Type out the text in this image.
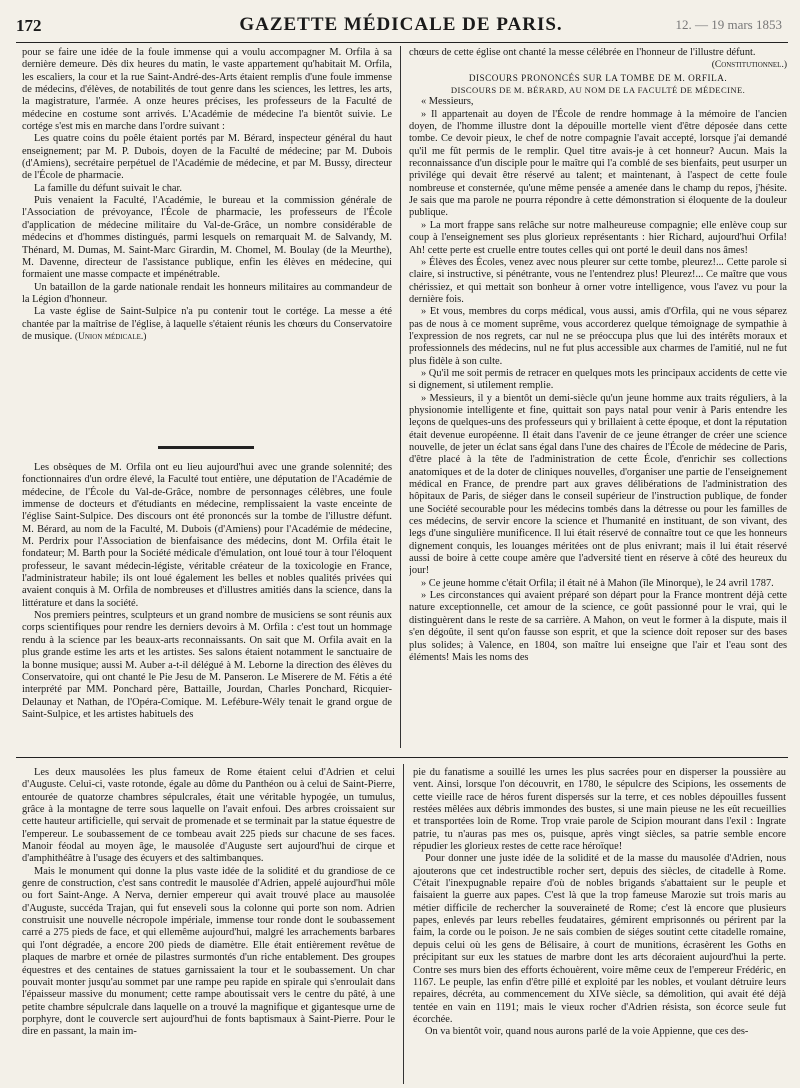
172	GAZETTE MÉDICALE DE PARIS.	12. — 19 mars 1853

pour se faire une idée de la foule immense qui a voulu accompagner M. Orfila à sa dernière demeure. Dès dix heures du matin, le vaste appartement qu'habitait M. Orfila, les escaliers, la cour et la rue Saint-André-des-Arts étaient remplis d'une foule immense de médecins, d'élèves, de notabilités de tout genre dans les sciences, les lettres, les arts, la magistrature, l'armée. A onze heures précises, les professeurs de la Faculté de médecine en costume sont arrivés. L'Académie de médecine l'a bientôt suivie. Le cortége s'est mis en marche dans l'ordre suivant :

Les quatre coins du poêle étaient portés par M. Bérard, inspecteur général du haut enseignement; par M. P. Dubois, doyen de la Faculté de médecine; par M. Dubois (d'Amiens), secrétaire perpétuel de l'Académie de médecine, et par M. Bussy, directeur de l'École de pharmacie.

La famille du défunt suivait le char.

Puis venaient la Faculté, l'Académie, le bureau et la commission générale de l'Association de prévoyance, l'École de pharmacie, les professeurs de l'École d'application de médecine militaire du Val-de-Grâce, un nombre considérable de médecins et d'hommes distingués, parmi lesquels on remarquait M. de Salvandy, M. Thénard, M. Dumas, M. Saint-Marc Girardin, M. Chomel, M. Boulay (de la Meurthe), M. Davenne, directeur de l'assistance publique, enfin les élèves en médecine, qui formaient une masse compacte et impénétrable.

Un bataillon de la garde nationale rendait les honneurs militaires au commandeur de la Légion d'honneur.

La vaste église de Saint-Sulpice n'a pu contenir tout le cortége. La messe a été chantée par la maîtrise de l'église, à laquelle s'étaient réunis les chœurs du Conservatoire de musique. (Union médicale.)

Les obsèques de M. Orfila ont eu lieu aujourd'hui avec une grande solennité; des fonctionnaires d'un ordre élevé, la Faculté tout entière, une députation de l'Académie de médecine, de l'École du Val-de-Grâce, nombre de personnages célèbres, une foule immense de docteurs et d'étudiants en médecine, remplissaient la vaste enceinte de l'église Saint-Sulpice. Des discours ont été prononcés sur la tombe de l'illustre défunt. M. Bérard, au nom de la Faculté, M. Dubois (d'Amiens) pour l'Académie de médecine, M. Perdrix pour l'Association de bienfaisance des médecins, dont M. Orfila était le fondateur; M. Barth pour la Société médicale d'émulation, ont loué tour à tour l'éloquent professeur, le savant médecin-légiste, véritable créateur de la toxicologie en France, l'administrateur habile; ils ont loué également les belles et nobles qualités privées qui avaient conquis à M. Orfila de nombreuses et d'illustres amitiés dans la science, dans la littérature et dans la société.

Nos premiers peintres, sculpteurs et un grand nombre de musiciens se sont réunis aux corps scientifiques pour rendre les derniers devoirs à M. Orfila : c'est tout un hommage rendu à la science par les beaux-arts reconnaissants. On sait que M. Orfila avait en la plus grande estime les arts et les artistes. Ses salons étaient notamment le sanctuaire de la bonne musique; aussi M. Auber a-t-il délégué à M. Leborne la direction des élèves du Conservatoire, qui ont chanté le Pie Jesu de M. Panseron. Le Miserere de M. Fétis a été interprété par MM. Ponchard père, Battaille, Jourdan, Charles Ponchard, Ricquier-Delaunay et Nathan, de l'Opéra-Comique. M. Lefébure-Wély tenait le grand orgue de Saint-Sulpice, et les artistes habituels des

chœurs de cette église ont chanté la messe célébrée en l'honneur de l'illustre défunt.

(Constitutionnel.)

DISCOURS PRONONCÉS SUR LA TOMBE DE M. ORFILA.

DISCOURS DE M. BÉRARD, AU NOM DE LA FACULTÉ DE MÉDECINE.

« Messieurs,

» Il appartenait au doyen de l'École de rendre hommage à la mémoire de l'ancien doyen, de l'homme illustre dont la dépouille mortelle vient d'être déposée dans cette tombe. Ce devoir pieux, le chef de notre compagnie l'avait accepté, lorsque j'ai demandé qu'il me fût permis de le remplir. Quel titre avais-je à cet honneur? Aucun. Mais la reconnaissance d'un disciple pour le maître qui l'a comblé de ses bienfaits, peut usurper un privilége qui devait être réservé au talent; et maintenant, à l'aspect de cette foule nombreuse et consternée, qu'une même pensée a amenée dans le champ du repos, j'hésite. Je sais que ma parole ne pourra répondre à cette démonstration si éloquente de la douleur publique.

» La mort frappe sans relâche sur notre malheureuse compagnie; elle enlève coup sur coup à l'enseignement ses plus glorieux représentants : hier Richard, aujourd'hui Orfila! Ah! cette perte est cruelle entre toutes celles qui ont porté le deuil dans nos âmes!

» Élèves des Écoles, venez avec nous pleurer sur cette tombe, pleurez!... Cette parole si claire, si instructive, si pénétrante, vous ne l'entendrez plus! Pleurez!... Ce maître que vous chérissiez, et qui mettait son bonheur à orner votre intelligence, vous l'avez vu pour la dernière fois.

» Et vous, membres du corps médical, vous aussi, amis d'Orfila, qui ne vous séparez pas de nous à ce moment suprême, vous accorderez quelque témoignage de sympathie à l'expression de nos regrets, car nul ne se préoccupa plus que lui des intérêts moraux et professionnels des médecins, nul ne fut plus accessible aux charmes de l'amitié, nul ne fut plus fidèle à son culte.

» Qu'il me soit permis de retracer en quelques mots les principaux accidents de cette vie si dignement, si utilement remplie.

» Messieurs, il y a bientôt un demi-siècle qu'un jeune homme aux traits réguliers, à la physionomie intelligente et fine, quittait son pays natal pour venir à Paris entendre les leçons de quelques-uns des professeurs qui y brillaient à cette époque, et dont la réputation était devenue européenne. Il était dans l'avenir de ce jeune étranger de créer une science nouvelle, de jeter un éclat sans égal dans l'une des chaires de l'École de médecine de Paris, d'être placé à la tête de l'administration de cette École, d'enrichir ses collections anatomiques et de la doter de cliniques nouvelles, d'organiser une partie de l'enseignement médical en France, de prendre part aux graves délibérations de l'administration des hôpitaux de Paris, de siéger dans le conseil supérieur de l'instruction publique, de fonder une Société secourable pour les médecins tombés dans la détresse ou pour les familles de ces médecins, de servir encore la science et l'humanité en instituant, de son vivant, des legs d'une singulière munificence. Il lui était réservé de connaître tout ce que les honneurs dignement conquis, les louanges méritées ont de plus enivrant; mais il lui était réservé aussi de boire à cette coupe amère que l'adversité tient en réserve à côté des heureux du jour!

» Ce jeune homme c'était Orfila; il était né à Mahon (île Minorque), le 24 avril 1787.

» Les circonstances qui avaient préparé son départ pour la France montrent déjà cette nature exceptionnelle, cet amour de la science, ce goût passionné pour le vrai, qui le distinguèrent dans le reste de sa carrière. A Mahon, on veut le former à la dispute, mais il s'en dégoûte, il sent qu'on fausse son esprit, et que la science doit reposer sur des bases plus solides; à Valence, en 1804, son maître lui enseigne que l'air et l'eau sont des éléments! Mais les noms des

Les deux mausolées les plus fameux de Rome étaient celui d'Adrien et celui d'Auguste. Celui-ci, vaste rotonde, égale au dôme du Panthéon ou à celui de Saint-Pierre, entourée de quatorze chambres sépulcrales, était une véritable hypogée, un tumulus, grâce à la montagne de terre sous laquelle on l'avait enfoui. Des arbres croissaient sur cette hauteur artificielle, qui servait de promenade et se terminait par la statue équestre de l'empereur. Le soubassement de ce tombeau avait 225 pieds sur chacune de ses faces. Manoir féodal au moyen âge, le mausolée d'Auguste sert aujourd'hui de cirque et d'amphithéâtre à l'usage des écuyers et des saltimbanques.

Mais le monument qui donne la plus vaste idée de la solidité et du grandiose de ce genre de construction, c'est sans contredit le mausolée d'Adrien, appelé aujourd'hui môle ou fort Saint-Ange. A Nerva, dernier empereur qui avait trouvé place au mausolée d'Auguste, succéda Trajan, qui fut enseveli sous la colonne qui porte son nom. Adrien construisit une nouvelle nécropole impériale, immense tour ronde dont le soubassement carré a 275 pieds de face, et qui ellemême aujourd'hui, malgré les arrachements barbares qui l'ont dégradée, a encore 200 pieds de diamètre. Elle était entièrement revêtue de plaques de marbre et ornée de pilastres surmontés d'un riche entablement. Des groupes équestres et des centaines de statues garnissaient la tour et le soubassement. Un char pouvait monter jusqu'au sommet par une rampe peu rapide en spirale qui s'enroulait dans l'épaisseur massive du monument; cette rampe aboutissait vers le centre du pâté, à une petite chambre sépulcrale dans laquelle on a trouvé la magnifique et gigantesque urne de porphyre, dont le couvercle sert aujourd'hui de fonts baptismaux à Saint-Pierre. Pour le dire en passant, la main im-

pie du fanatisme a souillé les urnes les plus sacrées pour en disperser la poussière au vent. Ainsi, lorsque l'on découvrit, en 1780, le sépulcre des Scipions, les ossements de cette vieille race de héros furent dispersés sur la terre, et ces nobles dépouilles fussent restées mêlées aux débris immondes des bustes, si une main pieuse ne les eût recueillies et transportées loin de Rome. Trop vraie parole de Scipion mourant dans l'exil : Ingrate patrie, tu n'auras pas mes os, puisque, après vingt siècles, sa patrie semble encore répudier les glorieux restes de cette race héroïque!

Pour donner une juste idée de la solidité et de la masse du mausolée d'Adrien, nous ajouterons que cet indestructible rocher sert, depuis des siècles, de citadelle à Rome. C'était l'inexpugnable repaire d'où de nobles brigands s'abattaient sur le peuple et faisaient la guerre aux papes. C'est là que la trop fameuse Marozie sut trois maris au métier difficile de rechercher la souveraineté de Rome; c'est là encore que plusieurs papes, enlevés par leurs rebelles feudataires, gémirent emprisonnés ou périrent par la faim, la corde ou le poison. Je ne sais combien de siéges soutint cette citadelle romaine, depuis celui où les gens de Bélisaire, à court de munitions, écrasèrent les Goths en précipitant sur eux les statues de marbre dont les arts décoraient aujourd'hui la perte. Contre ses murs bien des efforts échouèrent, voire même ceux de l'empereur Frédéric, en 1167. Le peuple, las enfin d'être pillé et exploité par les nobles, et voulant détruire leurs repaires, décréta, au commencement du XIVe siècle, sa démolition, qui avait été déjà tentée en vain en 1191; mais le vieux rocher d'Adrien résista, son écorce seule fut écorchée.

On va bientôt voir, quand nous aurons parlé de la voie Appienne, que ces des-
